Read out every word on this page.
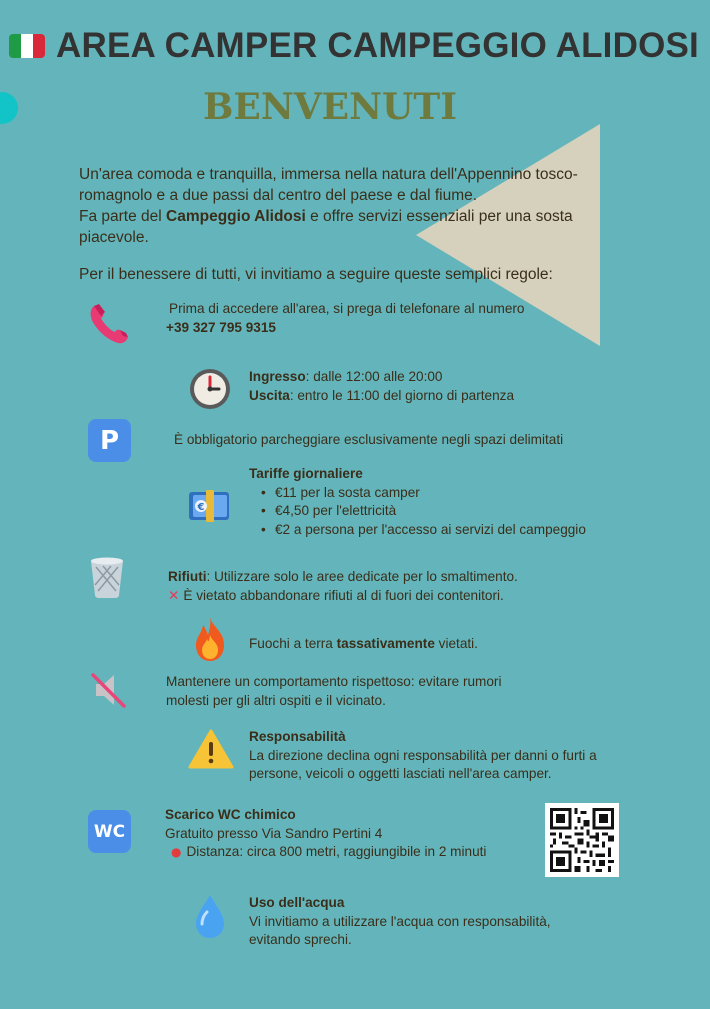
AREA CAMPER CAMPEGGIO ALIDOSI
BENVENUTI
Un'area comoda e tranquilla, immersa nella natura dell'Appennino tosco-romagnolo e a due passi dal centro del paese e dal fiume.
Fa parte del Campeggio Alidosi e offre servizi essenziali per una sosta piacevole.
Per il benessere di tutti, vi invitiamo a seguire queste semplici regole:
Prima di accedere all'area, si prega di telefonare al numero
+39 327 795 9315
Ingresso: dalle 12:00 alle 20:00
Uscita: entro le 11:00 del giorno di partenza
P	È obbligatorio parcheggiare esclusivamente negli spazi delimitati
€
Tariffe giornaliere
• €11 per la sosta camper
• €4,50 per l'elettricità
• €2 a persona per l'accesso ai servizi del campeggio
Rifiuti: Utilizzare solo le aree dedicate per lo smaltimento.
✕ È vietato abbandonare rifiuti al di fuori dei contenitori.
Fuochi a terra tassativamente vietati.
Mantenere un comportamento rispettoso: evitare rumori molesti per gli altri ospiti e il vicinato.
Responsabilità
La direzione declina ogni responsabilità per danni o furti a persone, veicoli o oggetti lasciati nell'area camper.
WC
Scarico WC chimico
Gratuito presso Via Sandro Pertini 4
● Distanza: circa 800 metri, raggiungibile in 2 minuti
Uso dell'acqua
Vi invitiamo a utilizzare l'acqua con responsabilità, evitando sprechi.
